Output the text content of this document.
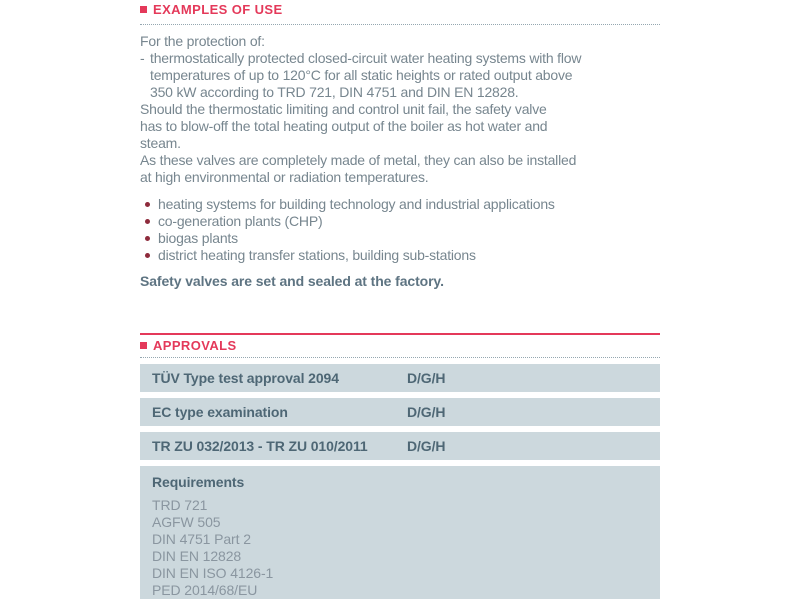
EXAMPLES OF USE
For the protection of:
- thermostatically protected closed-circuit water heating systems with flow
temperatures of up to 120°C for all static heights or rated output above
350 kW according to TRD 721, DIN 4751 and DIN EN 12828.
Should the thermostatic limiting and control unit fail, the safety valve
has to blow-off the total heating output of the boiler as hot water and
steam.
As these valves are completely made of metal, they can also be installed
at high environmental or radiation temperatures.
heating systems for building technology and industrial applications
co-generation plants (CHP)
biogas plants
district heating transfer stations, building sub-stations
Safety valves are set and sealed at the factory.
APPROVALS
TÜV Type test approval 2094	D/G/H
EC type examination	D/G/H
TR ZU 032/2013 - TR ZU 010/2011	D/G/H
Requirements
TRD 721
AGFW 505
DIN 4751 Part 2
DIN EN 12828
DIN EN ISO 4126-1
PED 2014/68/EU
